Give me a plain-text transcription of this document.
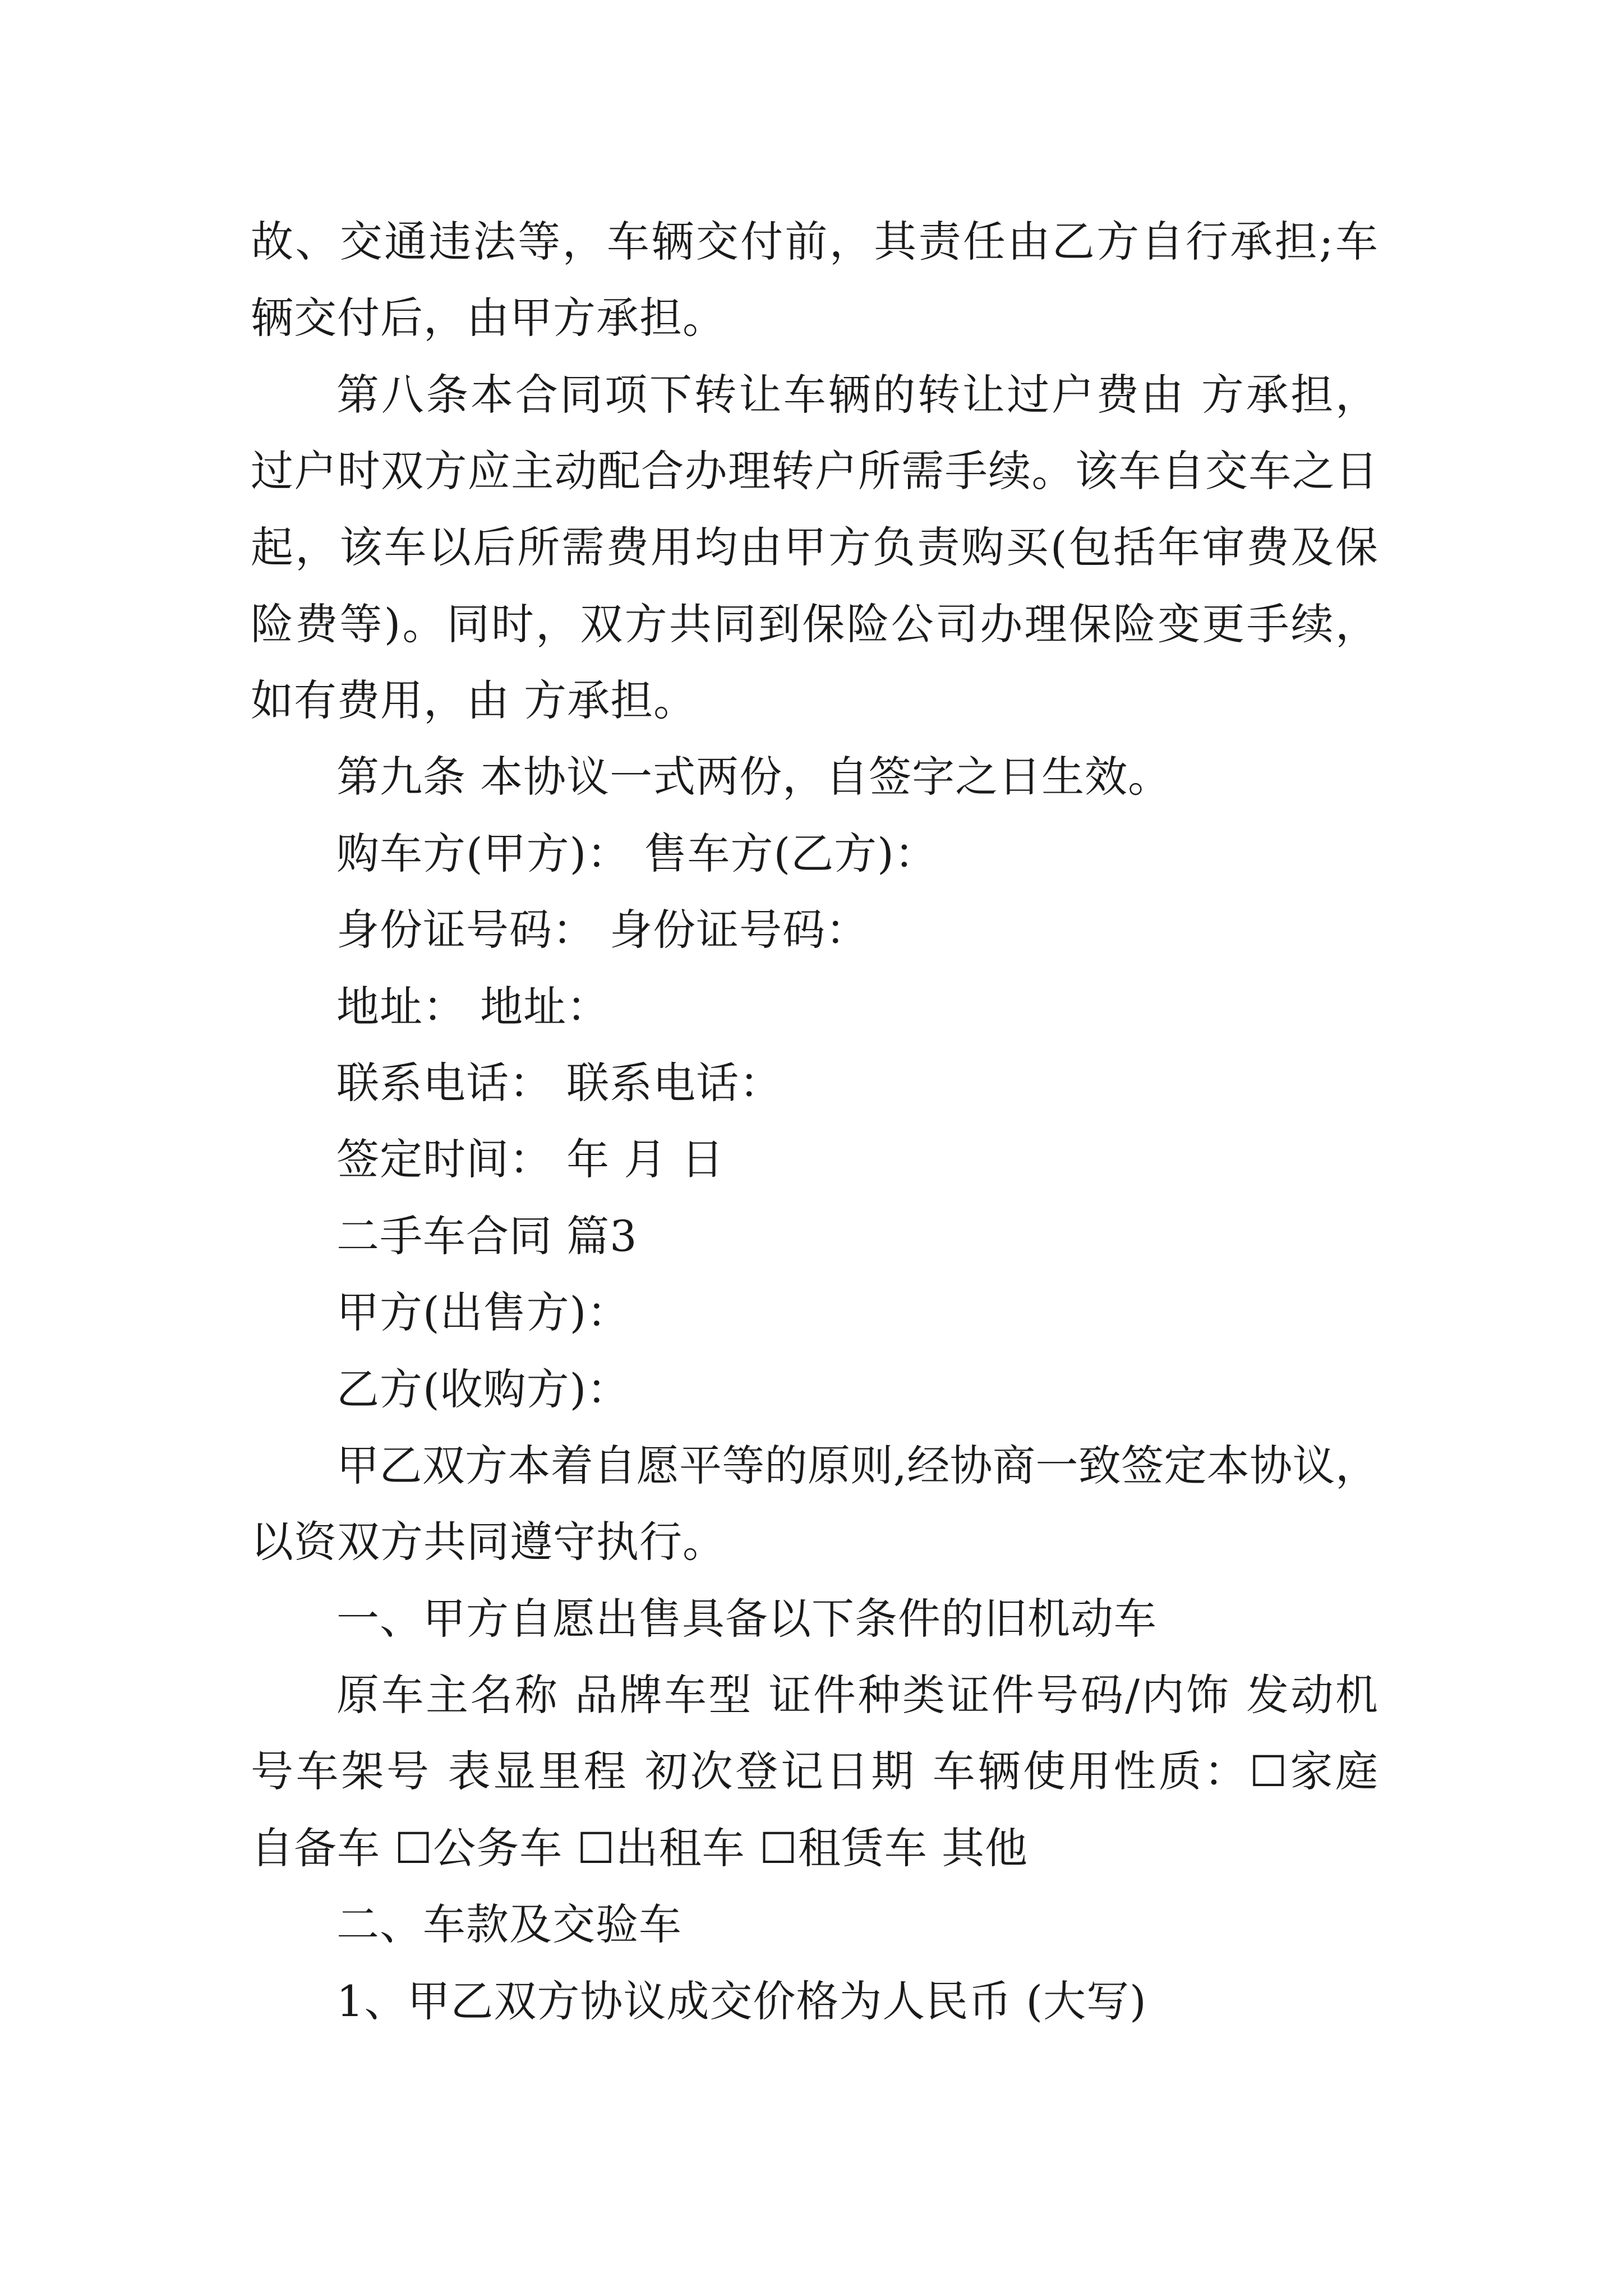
故、交通违法等，车辆交付前，其责任由乙方自行承担;车
辆交付后，由甲方承担。
第八条本合同项下转让车辆的转让过户费由 方承担，
过户时双方应主动配合办理转户所需手续。该车自交车之日
起，该车以后所需费用均由甲方负责购买(包括年审费及保
险费等)。同时，双方共同到保险公司办理保险变更手续，
如有费用，由 方承担。
第九条 本协议一式两份，自签字之日生效。
购车方(甲方)： 售车方(乙方)：
身份证号码： 身份证号码：
地址： 地址：
联系电话： 联系电话：
签定时间： 年 月 日
二手车合同 篇3
甲方(出售方)：
乙方(收购方)：
甲乙双方本着自愿平等的原则,经协商一致签定本协议，
以资双方共同遵守执行。
一、甲方自愿出售具备以下条件的旧机动车
原车主名称 品牌车型 证件种类证件号码/内饰 发动机
号车架号 表显里程 初次登记日期 车辆使用性质：☐家庭
自备车 ☐公务车 ☐出租车 ☐租赁车 其他
二、车款及交验车
1、甲乙双方协议成交价格为人民币 (大写)
